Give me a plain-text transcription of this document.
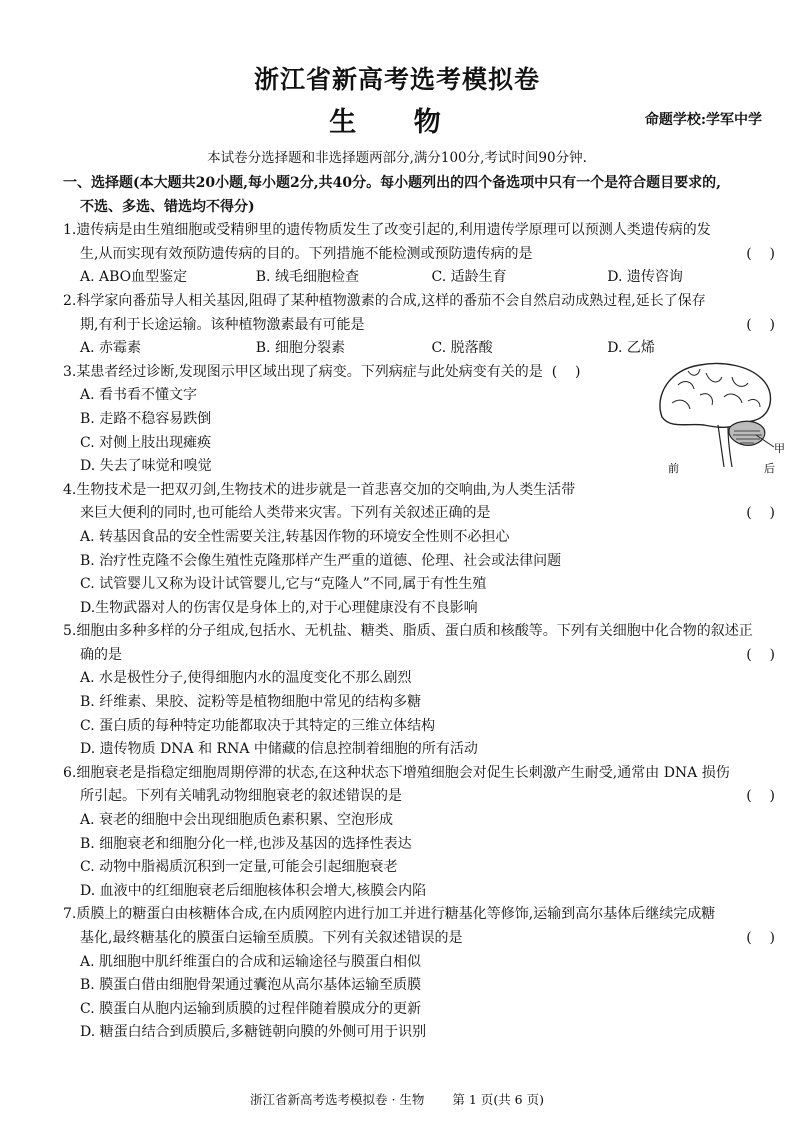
浙江省新高考选考模拟卷
生 物	命题学校:学军中学
本试卷分选择题和非选择题两部分,满分100分,考试时间90分钟.

一、选择题(本大题共20小题,每小题2分,共40分。每小题列出的四个备选项中只有一个是符合题目要求的,

不选、多选、错选均不得分)

1.遗传病是由生殖细胞或受精卵里的遗传物质发生了改变引起的,利用遗传学原理可以预测人类遗传病的发

生,从而实现有效预防遗传病的目的。下列措施不能检测或预防遗传病的是	(    )

A. ABO血型鉴定	B. 绒毛细胞检查	C. 适龄生育	D. 遗传咨询

2.科学家向番茄导人相关基因,阻碍了某种植物激素的合成,这样的番茄不会自然启动成熟过程,延长了保存

期,有利于长途运输。该种植物激素最有可能是	(    )

A. 赤霉素	B. 细胞分裂素	C. 脱落酸	D. 乙烯

3.某患者经过诊断,发现图示甲区域出现了病变。下列病症与此处病变有关的是 (    )

A. 看书看不懂文字

B. 走路不稳容易跌倒

C. 对侧上肢出现瘫痪

D. 失去了味觉和嗅觉

甲
前	后

4.生物技术是一把双刃剑,生物技术的进步就是一首悲喜交加的交响曲,为人类生活带

来巨大便利的同时,也可能给人类带来灾害。下列有关叙述正确的是	(    )

A. 转基因食品的安全性需要关注,转基因作物的环境安全性则不必担心

B. 治疗性克隆不会像生殖性克隆那样产生严重的道德、伦理、社会或法律问题

C. 试管婴儿又称为设计试管婴儿,它与“克隆人”不同,属于有性生殖

D.生物武器对人的伤害仅是身体上的,对于心理健康没有不良影响

5.细胞由多种多样的分子组成,包括水、无机盐、糖类、脂质、蛋白质和核酸等。下列有关细胞中化合物的叙述正

确的是	(    )

A. 水是极性分子,使得细胞内水的温度变化不那么剧烈

B. 纤维素、果胶、淀粉等是植物细胞中常见的结构多糖

C. 蛋白质的每种特定功能都取决于其特定的三维立体结构

D. 遗传物质 DNA 和 RNA 中储藏的信息控制着细胞的所有活动

6.细胞衰老是指稳定细胞周期停滞的状态,在这种状态下增殖细胞会对促生长刺激产生耐受,通常由 DNA 损伤

所引起。下列有关哺乳动物细胞衰老的叙述错误的是	(    )

A. 衰老的细胞中会出现细胞质色素积累、空泡形成

B. 细胞衰老和细胞分化一样,也涉及基因的选择性表达

C. 动物中脂褐质沉积到一定量,可能会引起细胞衰老

D. 血液中的红细胞衰老后细胞核体积会增大,核膜会内陷

7.质膜上的糖蛋白由核糖体合成,在内质网腔内进行加工并进行糖基化等修饰,运输到高尔基体后继续完成糖

基化,最终糖基化的膜蛋白运输至质膜。下列有关叙述错误的是	(    )

A. 肌细胞中肌纤维蛋白的合成和运输途径与膜蛋白相似

B. 膜蛋白借由细胞骨架通过囊泡从高尔基体运输至质膜

C. 膜蛋白从胞内运输到质膜的过程伴随着膜成分的更新

D. 糖蛋白结合到质膜后,多糖链朝向膜的外侧可用于识别

浙江省新高考选考模拟卷 · 生物 第 1 页(共 6 页)
